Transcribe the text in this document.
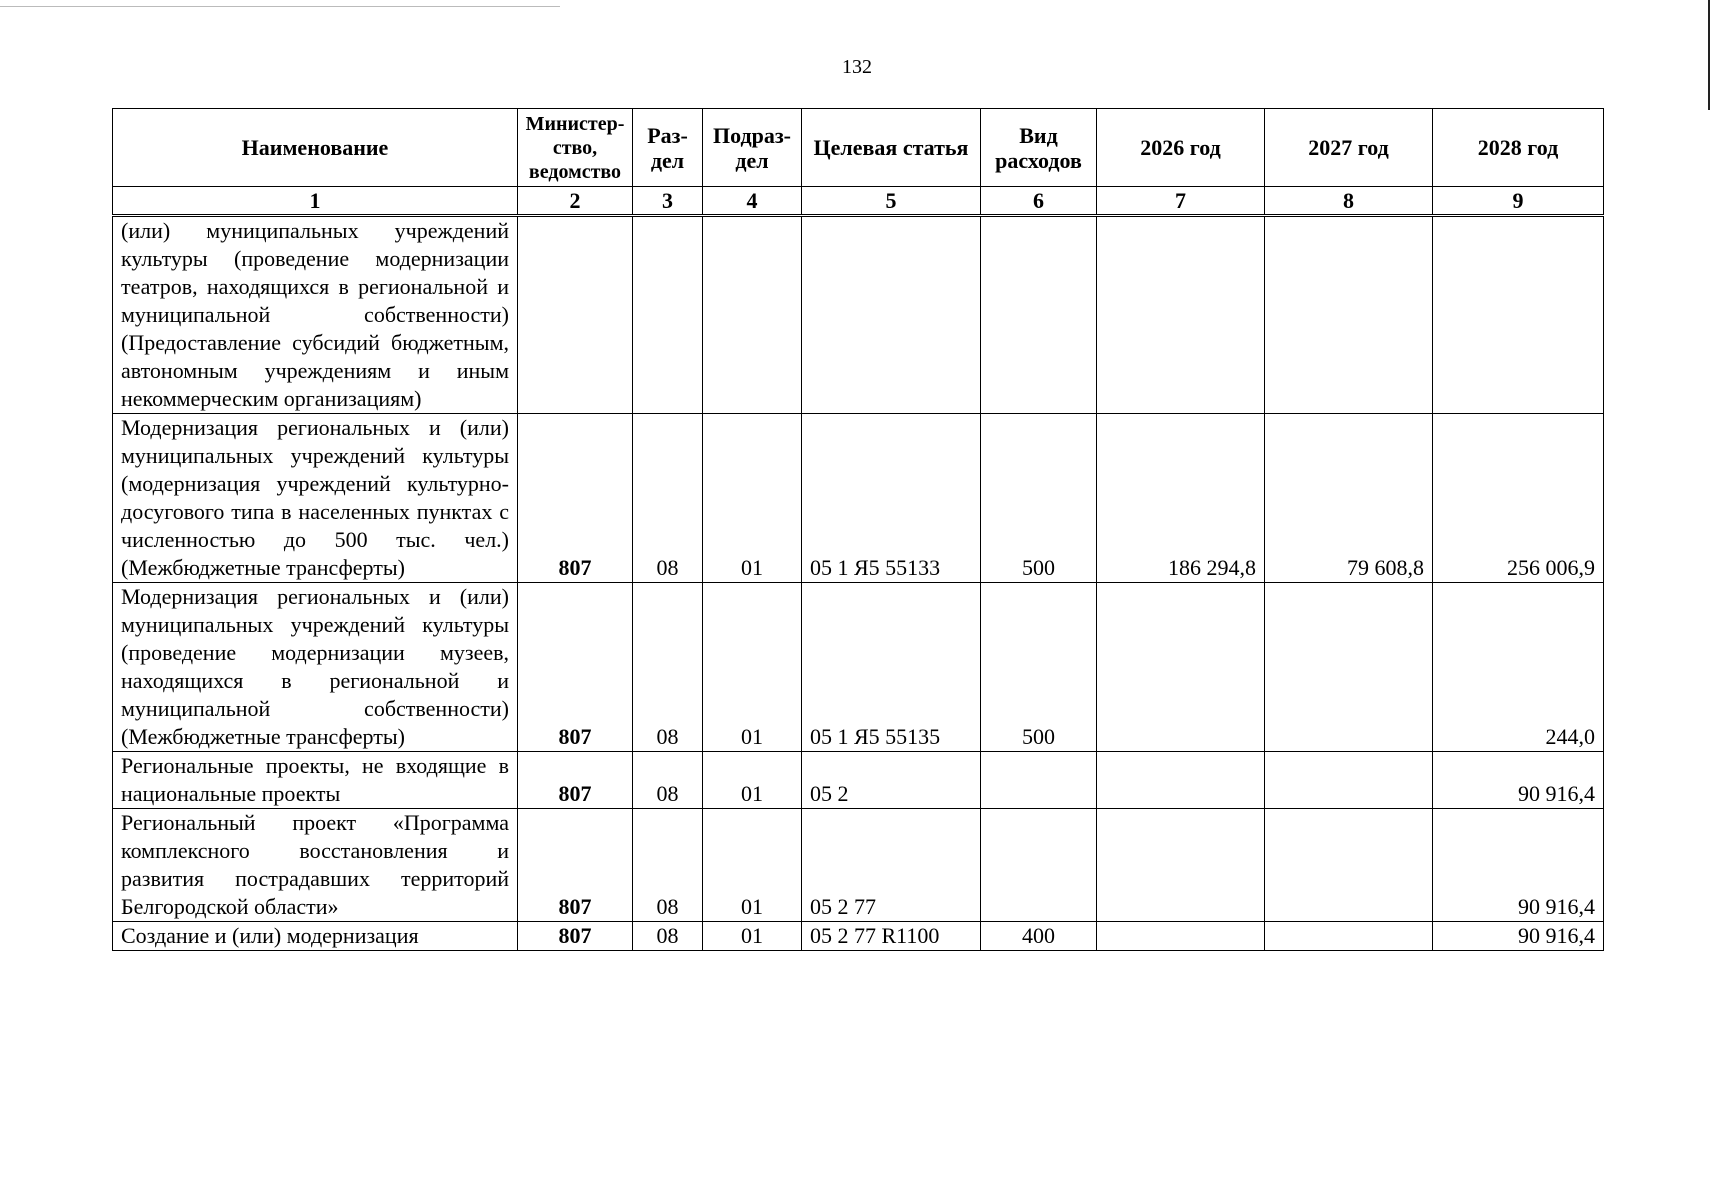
132
Наименование	Министер-ство, ведомство	Раз-дел	Подраз-дел	Целевая статья	Вид расходов	2026 год	2027 год	2028 год
1	2	3	4	5	6	7	8	9
(или) муниципальных учреждений культуры (проведение модернизации театров, находящихся в региональной и муниципальной собственности) (Предоставление субсидий бюджетным, автономным учреждениям и иным некоммерческим организациям)								
Модернизация региональных и (или) муниципальных учреждений культуры (модернизация учреждений культурно-досугового типа в населенных пунктах с численностью до 500 тыс. чел.) (Межбюджетные трансферты)	807	08	01	05 1 Я5 55133	500	186 294,8	79 608,8	256 006,9
Модернизация региональных и (или) муниципальных учреждений культуры (проведение модернизации музеев, находящихся в региональной и муниципальной собственности) (Межбюджетные трансферты)	807	08	01	05 1 Я5 55135	500			244,0
Региональные проекты, не входящие в национальные проекты	807	08	01	05 2				90 916,4
Региональный проект «Программа комплексного восстановления и развития пострадавших территорий Белгородской области»	807	08	01	05 2 77				90 916,4
Создание и (или) модернизация	807	08	01	05 2 77 R1100	400			90 916,4
